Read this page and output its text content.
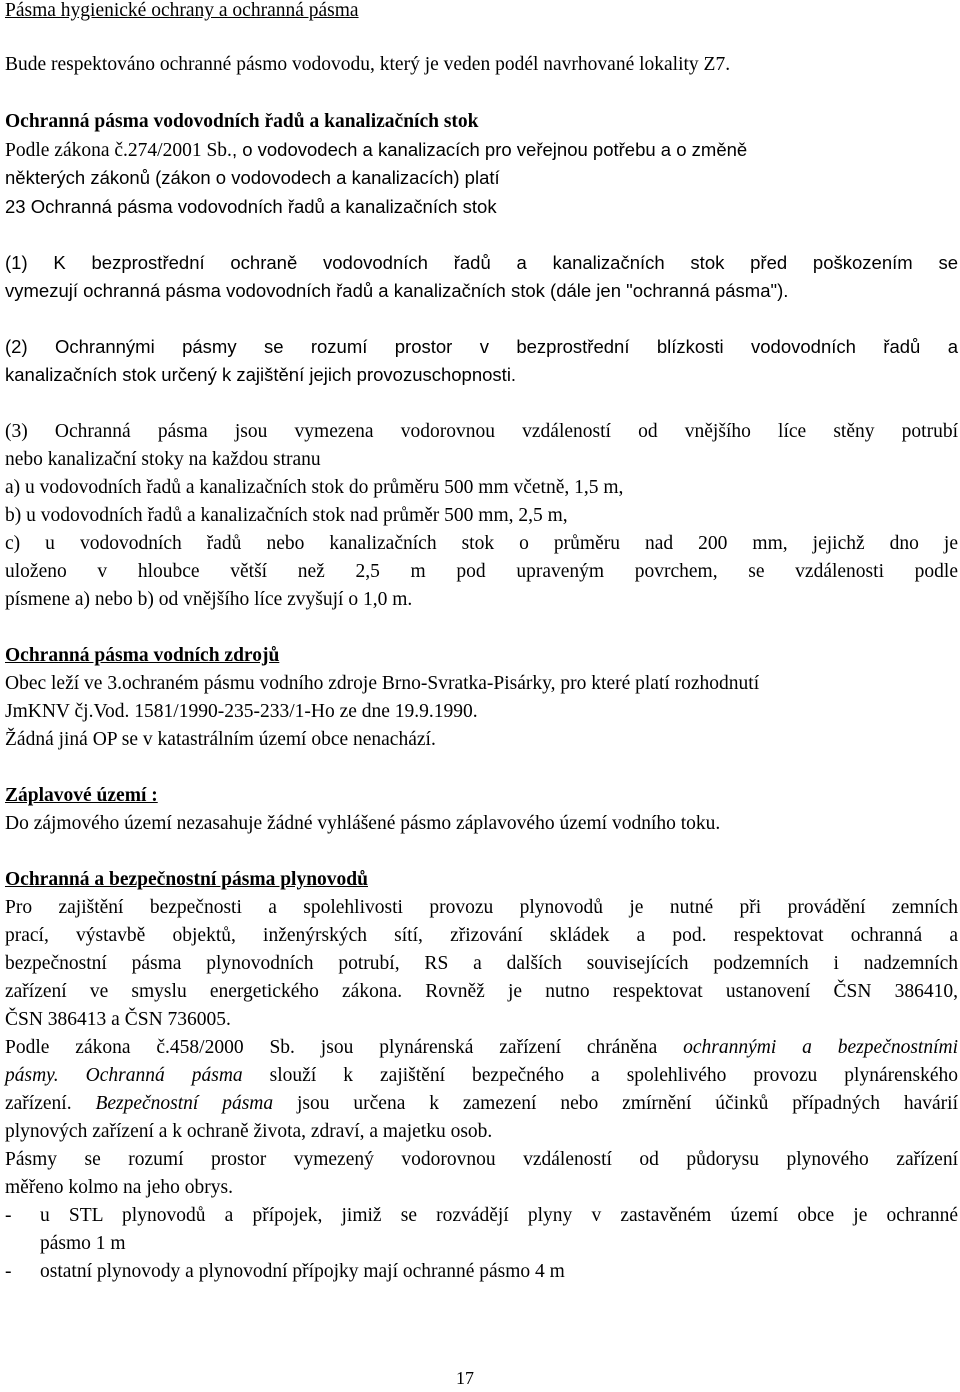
Pásma hygienické ochrany a ochranná pásma
Bude respektováno ochranné pásmo vodovodu, který je veden podél navrhované lokality Z7.
Ochranná pásma vodovodních řadů a kanalizačních stok
Podle zákona č.274/2001 Sb., o vodovodech a kanalizacích pro veřejnou potřebu a o změně
některých zákonů (zákon o vodovodech a kanalizacích) platí
23 Ochranná pásma vodovodních řadů a kanalizačních stok
(1) K bezprostřední ochraně vodovodních řadů a kanalizačních stok před poškozením se
vymezují ochranná pásma vodovodních řadů a kanalizačních stok (dále jen "ochranná pásma").
(2) Ochrannými pásmy se rozumí prostor v bezprostřední blízkosti vodovodních řadů a
kanalizačních stok určený k zajištění jejich provozuschopnosti.
(3) Ochranná pásma jsou vymezena vodorovnou vzdáleností od vnějšího líce stěny potrubí
nebo kanalizační stoky na každou stranu
a) u vodovodních řadů a kanalizačních stok do průměru 500 mm včetně, 1,5 m,
b) u vodovodních řadů a kanalizačních stok nad průměr 500 mm, 2,5 m,
c) u vodovodních řadů nebo kanalizačních stok o průměru nad 200 mm, jejichž dno je
uloženo v hloubce větší než 2,5 m pod upraveným povrchem, se vzdálenosti podle
písmene a) nebo b) od vnějšího líce zvyšují o 1,0 m.
Ochranná pásma vodních zdrojů
Obec leží ve 3.ochraném pásmu vodního zdroje Brno-Svratka-Pisárky, pro které platí rozhodnutí
JmKNV čj.Vod. 1581/1990-235-233/1-Ho ze dne 19.9.1990.
Žádná jiná OP se v katastrálním území obce nenachází.
Záplavové území :
Do zájmového území nezasahuje žádné vyhlášené pásmo záplavového území vodního toku.
Ochranná a bezpečnostní pásma plynovodů
Pro zajištění bezpečnosti a spolehlivosti provozu plynovodů je nutné při provádění zemních
prací, výstavbě objektů, inženýrských sítí, zřizování skládek a pod. respektovat ochranná a
bezpečnostní pásma plynovodních potrubí, RS a dalších souvisejících podzemních i nadzemních
zařízení ve smyslu energetického zákona. Rovněž je nutno respektovat ustanovení ČSN 386410,
ČSN 386413 a ČSN 736005.
Podle zákona č.458/2000 Sb. jsou plynárenská zařízení chráněna ochrannými a bezpečnostními
pásmy. Ochranná pásma slouží k zajištění bezpečného a spolehlivého provozu plynárenského
zařízení. Bezpečnostní pásma jsou určena k zamezení nebo zmírnění účinků případných havárií
plynových zařízení a k ochraně života, zdraví, a majetku osob.
Pásmy se rozumí prostor vymezený vodorovnou vzdáleností od půdorysu plynového zařízení
měřeno kolmo na jeho obrys.
- u STL plynovodů a přípojek, jimiž se rozvádějí plyny v zastavěném území obce je ochranné
pásmo 1 m
- ostatní plynovody a plynovodní přípojky mají ochranné pásmo 4 m
17
